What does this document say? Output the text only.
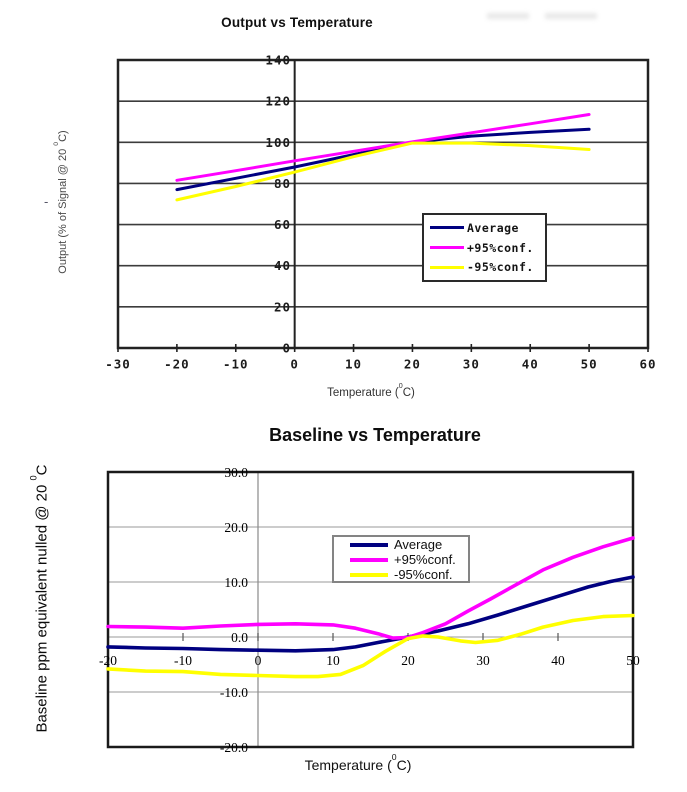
0
20
40
60
80
100
120
140
-30	-20	-10	0	10	20	30	40	50	60
30.0
20.0
10.0
0.0
-10.0
-20.0
-20	-10	0	10	20	30	40	50
Output vs Temperature
Output (% of Signal @ 20 $^0$C)
-
Temperature ($^0$C)
Average
+95%conf.
-95%conf.
Baseline vs Temperature
Baseline ppm equivalent nulled @ 20 $^0$C
Temperature ($^0$C)
Average
+95%conf.
-95%conf.
